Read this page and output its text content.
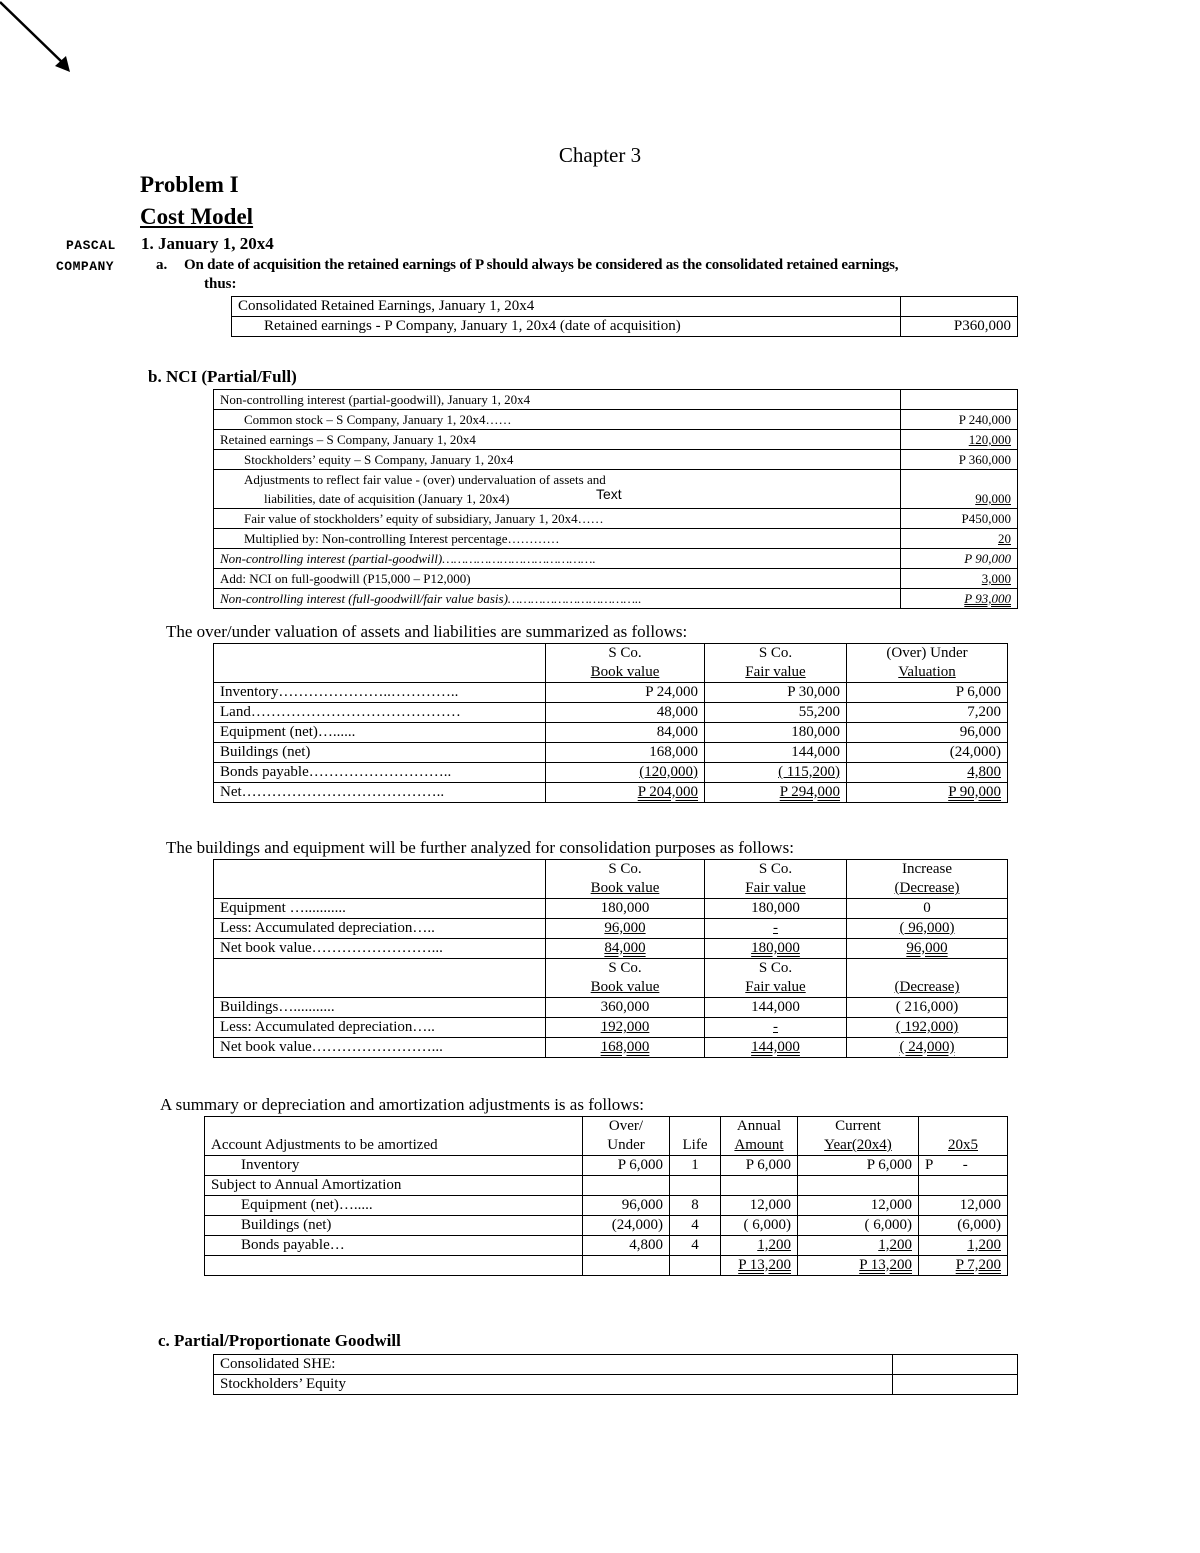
Chapter 3
Problem I
Cost Model
PASCAL
COMPANY
1. January 1, 20x4
a. On date of acquisition the retained earnings of P should always be considered as the consolidated retained earnings,
thus:
Consolidated Retained Earnings, January 1, 20x4	
Retained earnings - P Company, January 1, 20x4 (date of acquisition)	P360,000
b. NCI (Partial/Full)
Non-controlling interest (partial-goodwill), January 1, 20x4	
Common stock – S Company, January 1, 20x4……	P 240,000
Retained earnings – S Company, January 1, 20x4	120,000
Stockholders’ equity – S Company, January 1, 20x4	P 360,000
Adjustments to reflect fair value - (over) undervaluation of assets and	
liabilities, date of acquisition (January 1, 20x4) Text	90,000
Fair value of stockholders’ equity of subsidiary, January 1, 20x4……	P450,000
Multiplied by: Non-controlling Interest percentage…………	20
Non-controlling interest (partial-goodwill)………………………………….	P 90,000
Add: NCI on full-goodwill (P15,000 – P12,000)	3,000
Non-controlling interest (full-goodwill/fair value basis)……………………………..	P 93,000
The over/under valuation of assets and liabilities are summarized as follows:
	S Co.	S Co.	(Over) Under
	Book value	Fair value	Valuation
Inventory…………………..…………..	P 24,000	P 30,000	P 6,000
Land……………………………………	48,000	55,200	7,200
Equipment (net)…......	84,000	180,000	96,000
Buildings (net)	168,000	144,000	(24,000)
Bonds payable………………………..	(120,000)	( 115,200)	4,800
Net…………………………………..	P 204,000	P 294,000	P 90,000
The buildings and equipment will be further analyzed for consolidation purposes as follows:
	S Co.	S Co.	Increase
	Book value	Fair value	(Decrease)
Equipment …...........	180,000	180,000	0
Less: Accumulated depreciation…..	96,000	-	( 96,000)
Net book value……………………...	84,000	180,000	96,000
	S Co.	S Co.	
	Book value	Fair value	(Decrease)
Buildings…...........	360,000	144,000	( 216,000)
Less: Accumulated depreciation…..	192,000	-	( 192,000)
Net book value……………………...	168,000	144,000	( 24,000)
A summary or depreciation and amortization adjustments is as follows:
	Over/		Annual	Current	
Account Adjustments to be amortized	Under	Life	Amount	Year(20x4)	20x5
Inventory	P 6,000	1	P 6,000	P 6,000	P        -
Subject to Annual Amortization					
Equipment (net)….....	96,000	8	12,000	12,000	12,000
Buildings (net)	(24,000)	4	( 6,000)	( 6,000)	(6,000)
Bonds payable…	4,800	4	1,200	1,200	1,200
			P 13,200	P 13,200	P 7,200
c. Partial/Proportionate Goodwill
Consolidated SHE:	
Stockholders’ Equity	
